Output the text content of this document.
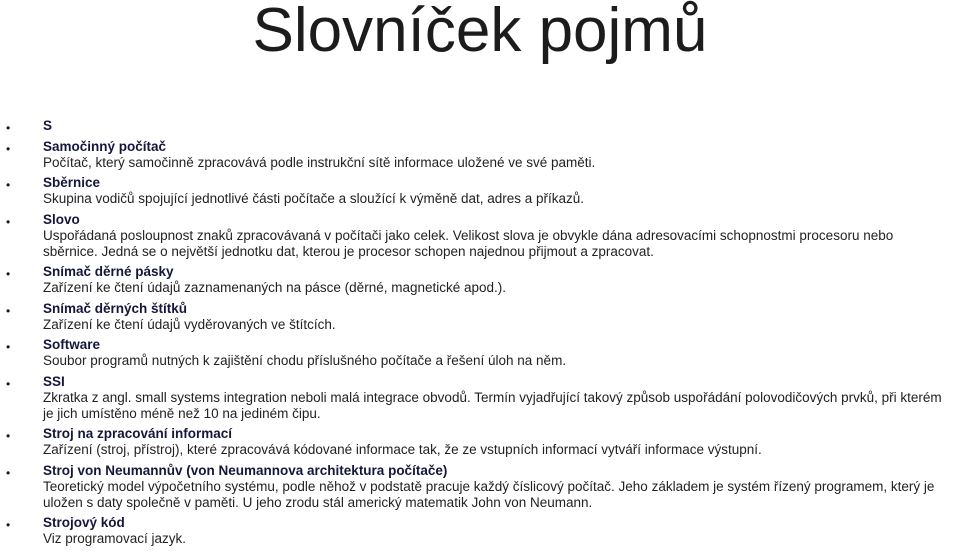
Slovníček pojmů
• S
• Samočinný počítač
Počítač, který samočinně zpracovává podle instrukční sítě informace uložené ve své paměti.
• Sběrnice
Skupina vodičů spojující jednotlivé části počítače a sloužící k výměně dat, adres a příkazů.
• Slovo
Uspořádaná posloupnost znaků zpracovávaná v počítači jako celek. Velikost slova je obvykle dána adresovacími schopnostmi procesoru nebo sběrnice. Jedná se o největší jednotku dat, kterou je procesor schopen najednou přijmout a zpracovat.
• Snímač děrné pásky
Zařízení ke čtení údajů zaznamenaných na pásce (děrné, magnetické apod.).
• Snímač děrných štítků
Zařízení ke čtení údajů vyděrovaných ve štítcích.
• Software
Soubor programů nutných k zajištění chodu příslušného počítače a řešení úloh na něm.
• SSI
Zkratka z angl. small systems integration neboli malá integrace obvodů. Termín vyjadřující takový způsob uspořádání polovodičových prvků, při kterém je jich umístěno méně než 10 na jediném čipu.
• Stroj na zpracování informací
Zařízení (stroj, přístroj), které zpracovává kódované informace tak, že ze vstupních informací vytváří informace výstupní.
• Stroj von Neumannův (von Neumannova architektura počítače)
Teoretický model výpočetního systému, podle něhož v podstatě pracuje každý číslicový počítač. Jeho základem je systém řízený programem, který je uložen s daty společně v paměti. U jeho zrodu stál americký matematik John von Neumann.
• Strojový kód
Viz programovací jazyk.
